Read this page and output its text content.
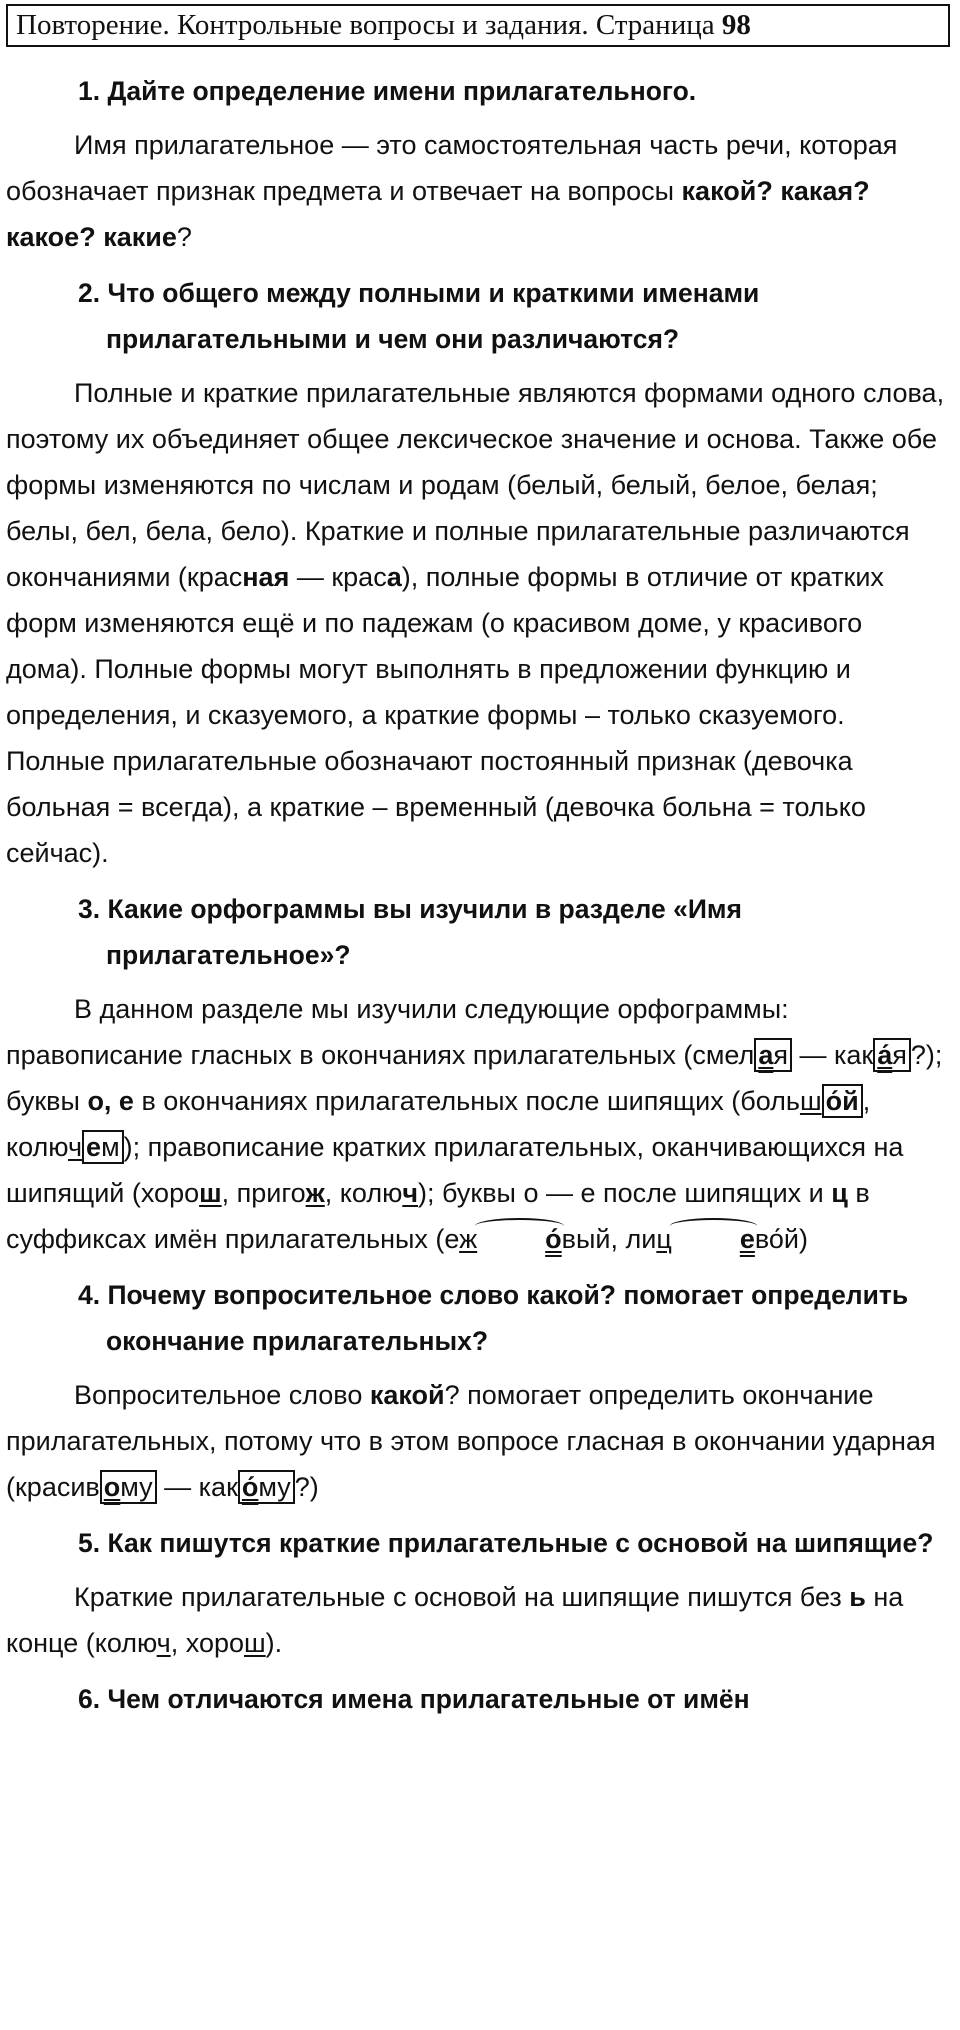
Повторение. Контрольные вопросы и задания. Страница 98

1. Дайте определение имени прилагательного.

Имя прилагательное — это самостоятельная часть речи, которая обозначает признак предмета и отвечает на вопросы какой? какая? какое? какие?

2. Что общего между полными и краткими именами прилагательными и чем они различаются?

Полные и краткие прилагательные являются формами одного слова, поэтому их объединяет общее лексическое значение и основа. Также обе формы изменяются по числам и родам (белый, белый, белое, белая; белы, бел, бела, бело). Краткие и полные прилагательные различаются окончаниями (красная — краса), полные формы в отличие от кратких форм изменяются ещё и по падежам (о красивом доме, у красивого дома). Полные формы могут выполнять в предложении функцию и определения, и сказуемого, а краткие формы – только сказуемого. Полные прилагательные обозначают постоянный признак (девочка больная = всегда), а краткие – временный (девочка больна = только сейчас).

3. Какие орфограммы вы изучили в разделе «Имя прилагательное»?

В данном разделе мы изучили следующие орфограммы: правописание гласных в окончаниях прилагательных (смел ая — как а́я ?); буквы о, е в окончаниях прилагательных после шипящих (больш о́й , колюч ем ); правописание кратких прилагательных, оканчивающихся на шипящий (хорош, пригож, колюч); буквы о — е после шипящих и ц в суффиксах имён прилагательных (еж	о́вый, лиц	ево́й)

4. Почему вопросительное слово какой? помогает определить окончание прилагательных?

Вопросительное слово какой? помогает определить окончание прилагательных, потому что в этом вопросе гласная в окончании ударная (красив ому — как о́му ?)

5. Как пишутся краткие прилагательные с основой на шипящие?

Краткие прилагательные с основой на шипящие пишутся без ь на конце (колюч, хорош).

6. Чем отличаются имена прилагательные от имён
